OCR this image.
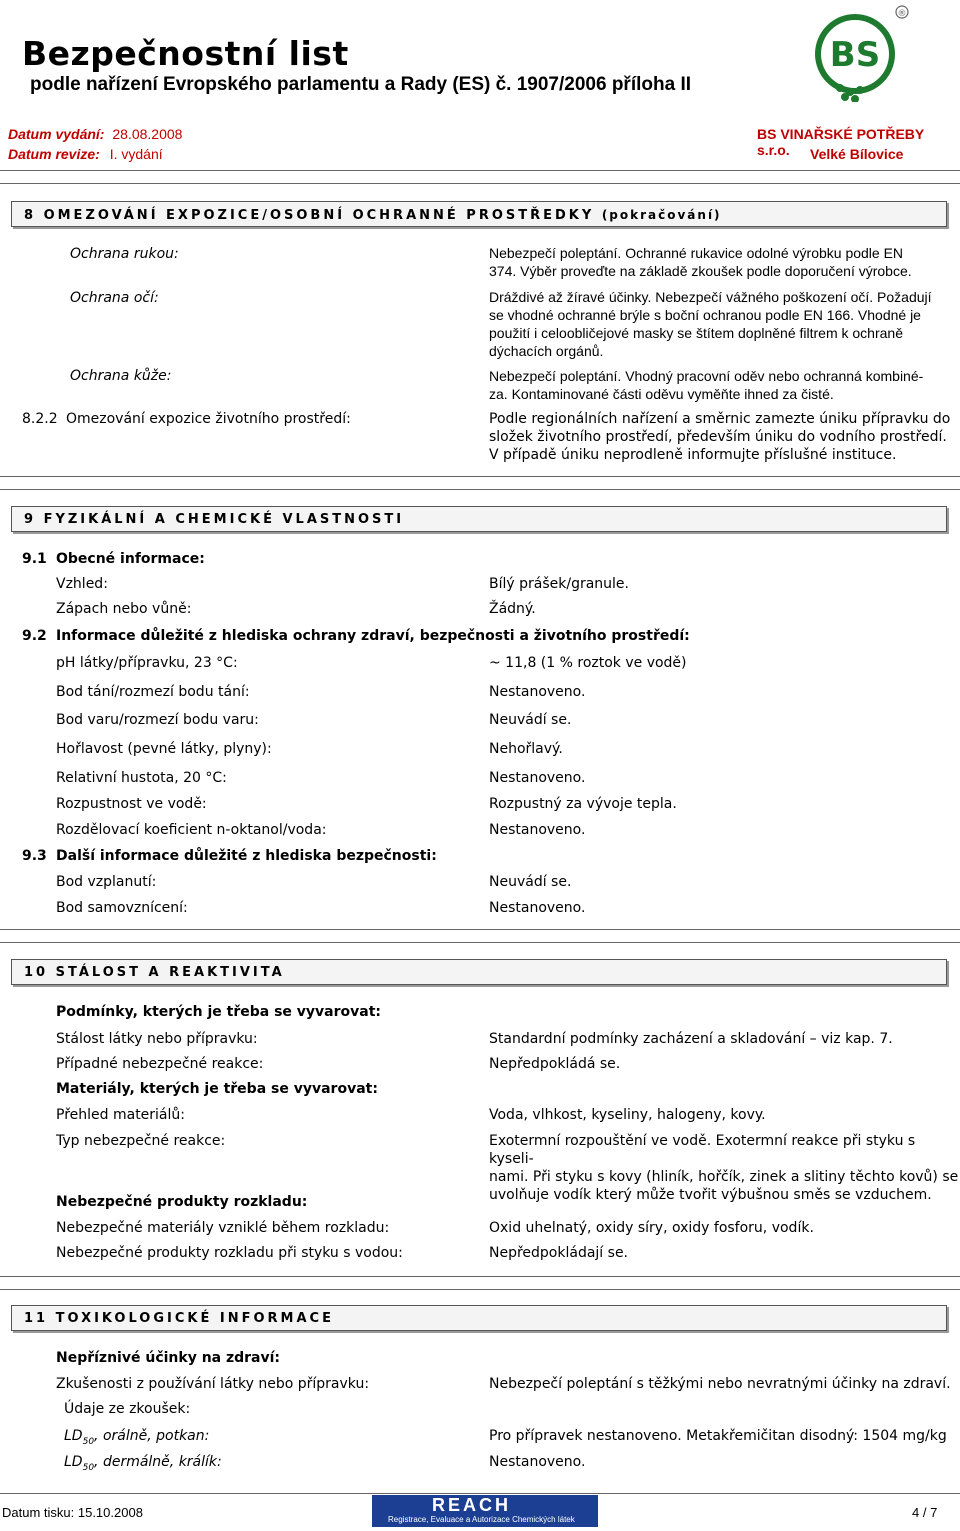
Bezpečnostní list
podle nařízení Evropského parlamentu a Rady (ES) č. 1907/2006 příloha II
Datum vydání: 28.08.2008
Datum revize: I. vydání
BS VINAŘSKÉ POTŘEBY s.r.o.	Velké Bílovice
BS
®
8 OMEZOVÁNÍ EXPOZICE/OSOBNÍ OCHRANNÉ PROSTŘEDKY (pokračování)
Ochrana rukou:	Nebezpečí poleptání. Ochranné rukavice odolné výrobku podle EN
374. Výběr proveďte na základě zkoušek podle doporučení výrobce.
Ochrana očí:	Dráždivé až žíravé účinky. Nebezpečí vážného poškození očí. Požadují
se vhodné ochranné brýle s boční ochranou podle EN 166. Vhodné je
použití i celoobličejové masky se štítem doplněné filtrem k ochraně
dýchacích orgánů.
Ochrana kůže:	Nebezpečí poleptání. Vhodný pracovní oděv nebo ochranná kombiné-
za. Kontaminované části oděvu vyměňte ihned za čisté.
8.2.2 Omezování expozice životního prostředí:	Podle regionálních nařízení a směrnic zamezte úniku přípravku do
složek životního prostředí, především úniku do vodního prostředí.
V případě úniku neprodleně informujte příslušné instituce.
9 FYZIKÁLNÍ A CHEMICKÉ VLASTNOSTI
9.1 Obecné informace:
Vzhled:	Bílý prášek/granule.
Zápach nebo vůně:	Žádný.
9.2 Informace důležité z hlediska ochrany zdraví, bezpečnosti a životního prostředí:
pH látky/přípravku, 23 °C:	~ 11,8 (1 % roztok ve vodě)
Bod tání/rozmezí bodu tání:	Nestanoveno.
Bod varu/rozmezí bodu varu:	Neuvádí se.
Hořlavost (pevné látky, plyny):	Nehořlavý.
Relativní hustota, 20 °C:	Nestanoveno.
Rozpustnost ve vodě:	Rozpustný za vývoje tepla.
Rozdělovací koeficient n-oktanol/voda:	Nestanoveno.
9.3 Další informace důležité z hlediska bezpečnosti:
Bod vzplanutí:	Neuvádí se.
Bod samovznícení:	Nestanoveno.
10 STÁLOST A REAKTIVITA
Podmínky, kterých je třeba se vyvarovat:
Stálost látky nebo přípravku:	Standardní podmínky zacházení a skladování – viz kap. 7.
Případné nebezpečné reakce:	Nepředpokládá se.
Materiály, kterých je třeba se vyvarovat:
Přehled materiálů:	Voda, vlhkost, kyseliny, halogeny, kovy.
Typ nebezpečné reakce:	Exotermní rozpouštění ve vodě. Exotermní reakce při styku s kyseli-
nami. Při styku s kovy (hliník, hořčík, zinek a slitiny těchto kovů) se
uvolňuje vodík který může tvořit výbušnou směs se vzduchem.
Nebezpečné produkty rozkladu:
Nebezpečné materiály vzniklé během rozkladu:	Oxid uhelnatý, oxidy síry, oxidy fosforu, vodík.
Nebezpečné produkty rozkladu při styku s vodou:	Nepředpokládají se.
11 TOXIKOLOGICKÉ INFORMACE
Nepříznivé účinky na zdraví:
Zkušenosti z používání látky nebo přípravku:	Nebezpečí poleptání s těžkými nebo nevratnými účinky na zdraví.
Údaje ze zkoušek:
$LD_{50}$, orálně, potkan:	Pro přípravek nestanoveno. Metakřemičitan disodný: 1504 mg/kg
$LD_{50}$, dermálně, králík:	Nestanoveno.
Datum tisku: 15.10.2008	REACH
Registrace, Evaluace a Autorizace Chemických látek	4 / 7
